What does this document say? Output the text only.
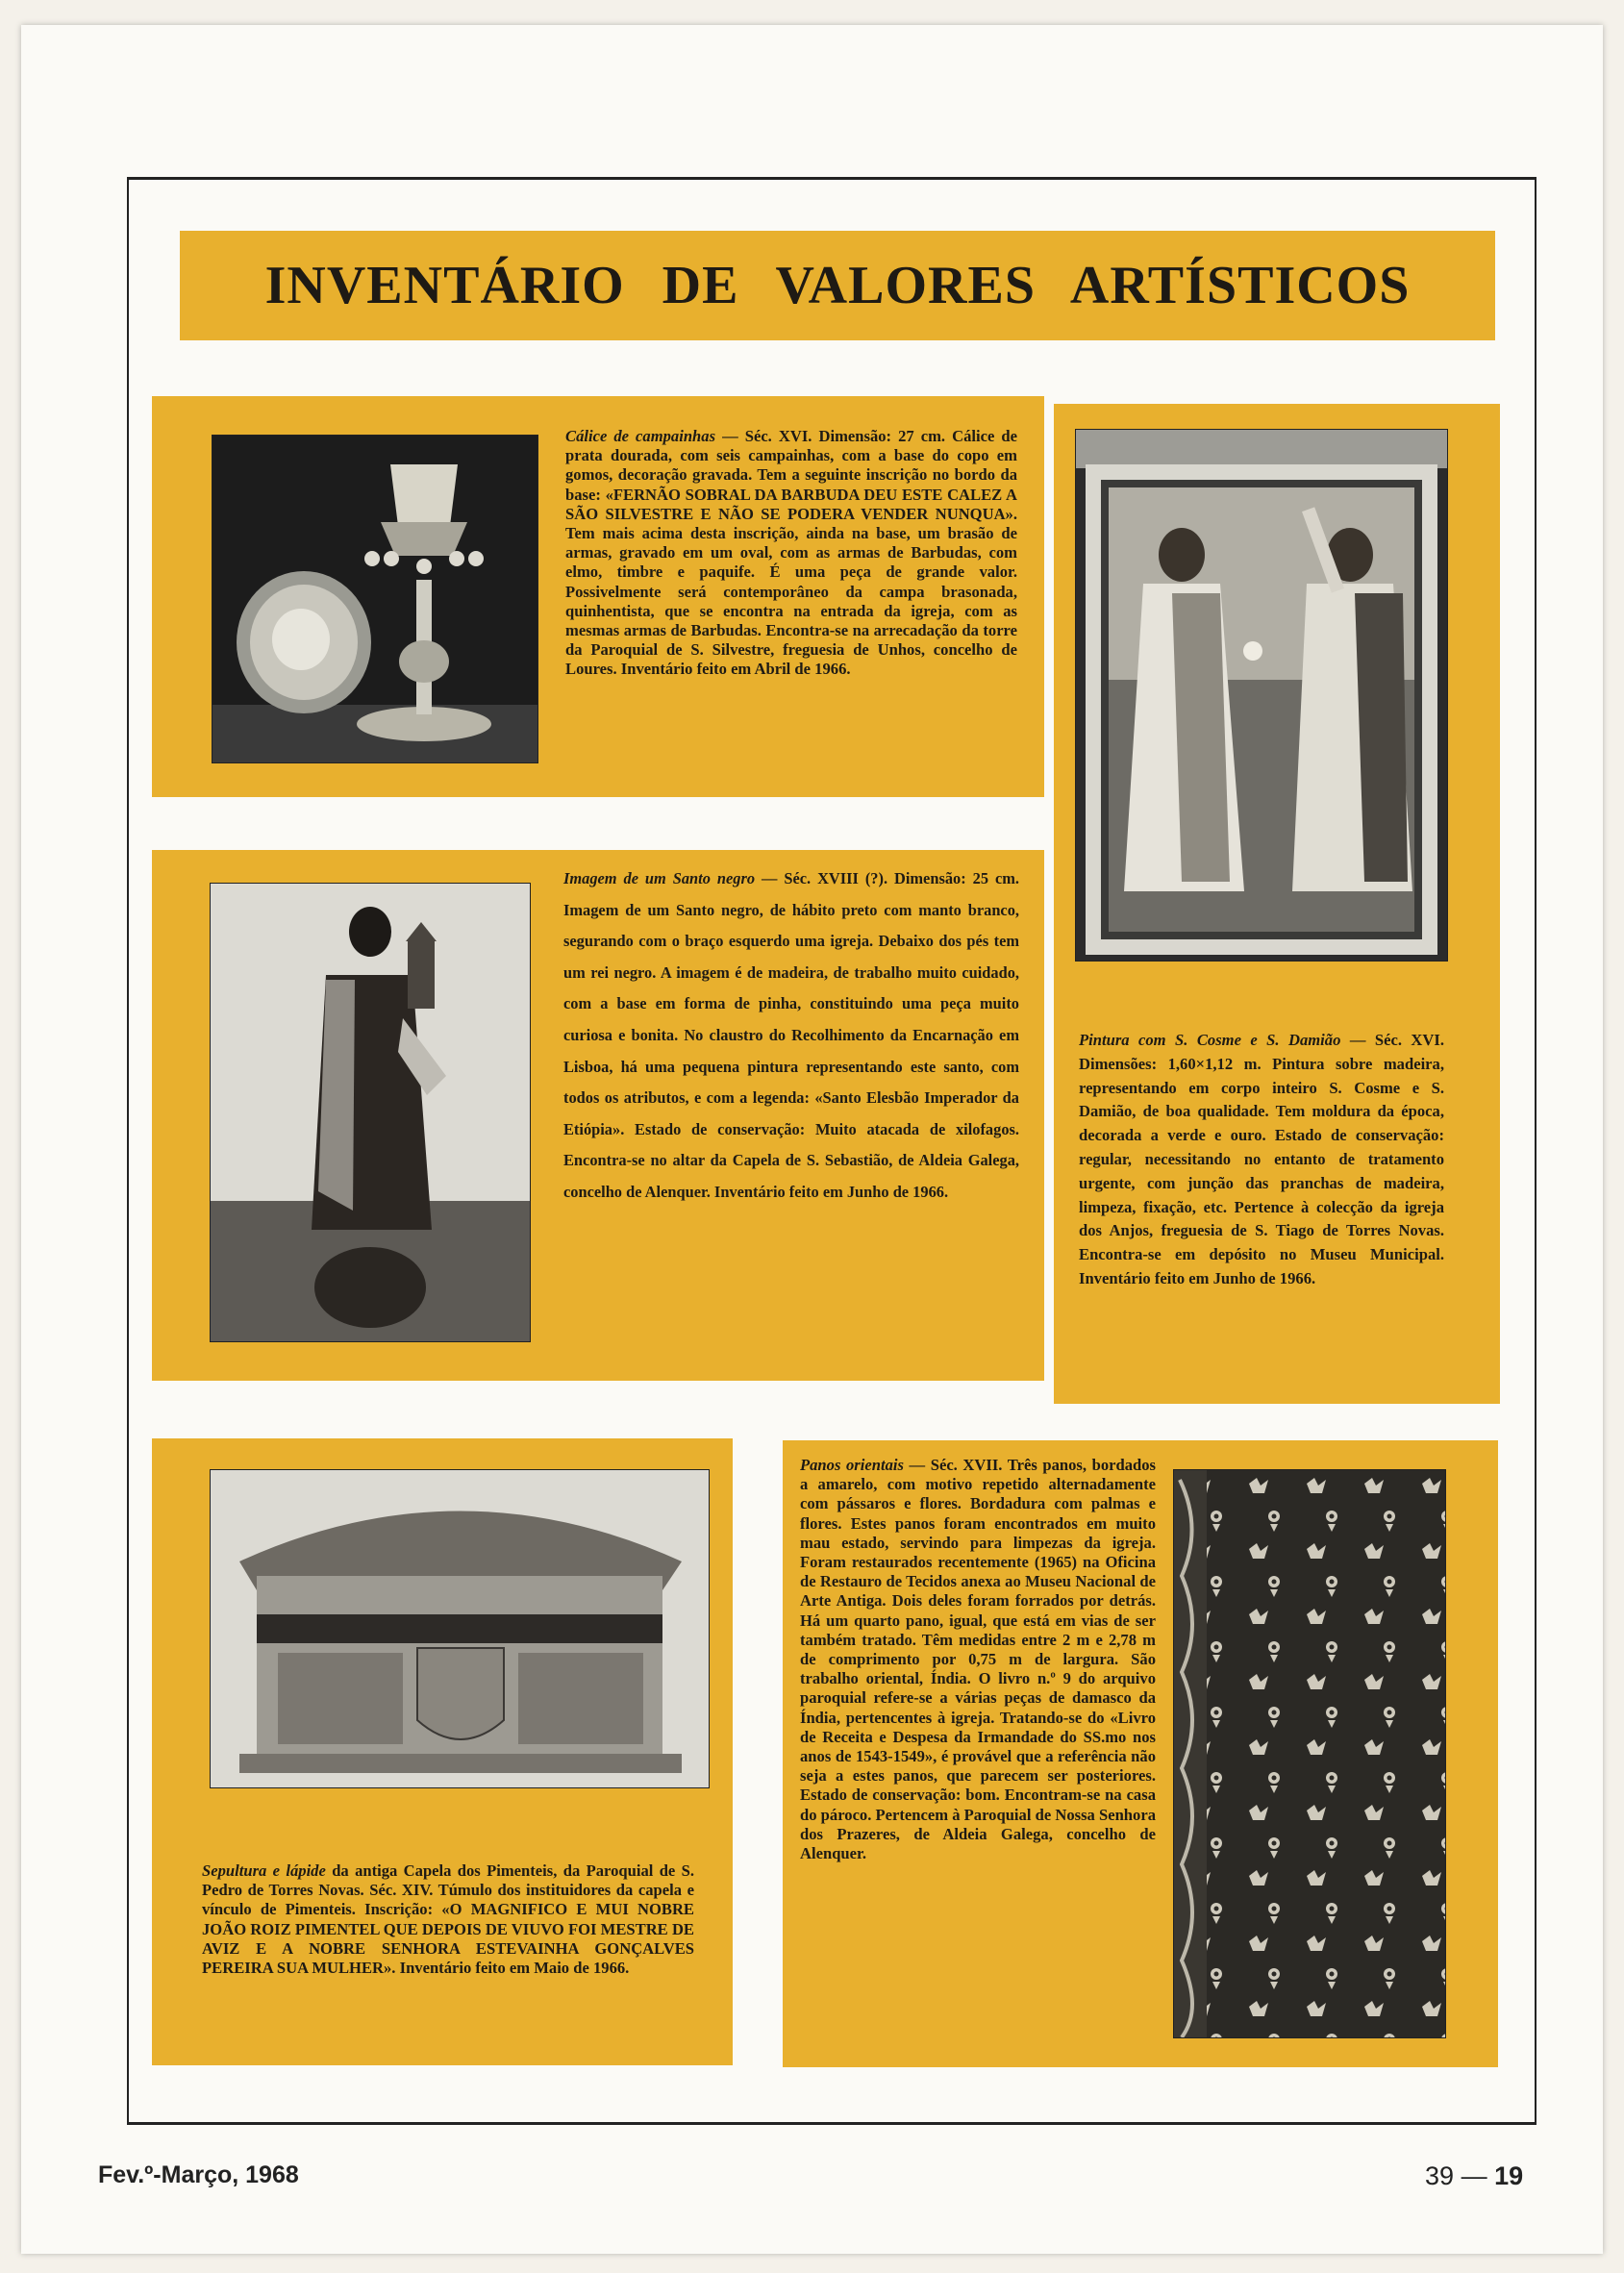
INVENTÁRIO DE VALORES ARTÍSTICOS

Cálice de campainhas — Séc. XVI. Dimensão: 27 cm. Cálice de prata dourada, com seis campainhas, com a base do copo em gomos, decoração gravada. Tem a seguinte inscrição no bordo da base: «FERNÃO SOBRAL DA BARBUDA DEU ESTE CALEZ A SÃO SILVESTRE E NÃO SE PODERA VENDER NUNQUA». Tem mais acima desta inscrição, ainda na base, um brasão de armas, gravado em um oval, com as armas de Barbudas, com elmo, timbre e paquife. É uma peça de grande valor. Possivelmente será contemporâneo da campa brasonada, quinhentista, que se encontra na entrada da igreja, com as mesmas armas de Barbudas. Encontra-se na arrecadação da torre da Paroquial de S. Silvestre, freguesia de Unhos, concelho de Loures. Inventário feito em Abril de 1966.

Pintura com S. Cosme e S. Damião — Séc. XVI. Dimensões: 1,60×1,12 m. Pintura sobre madeira, representando em corpo inteiro S. Cosme e S. Damião, de boa qualidade. Tem moldura da época, decorada a verde e ouro. Estado de conservação: regular, necessitando no entanto de tratamento urgente, com junção das pranchas de madeira, limpeza, fixação, etc. Pertence à colecção da igreja dos Anjos, freguesia de S. Tiago de Torres Novas. Encontra-se em depósito no Museu Municipal. Inventário feito em Junho de 1966.

Imagem de um Santo negro — Séc. XVIII (?). Dimensão: 25 cm. Imagem de um Santo negro, de hábito preto com manto branco, segurando com o braço esquerdo uma igreja. Debaixo dos pés tem um rei negro. A imagem é de madeira, de trabalho muito cuidado, com a base em forma de pinha, constituindo uma peça muito curiosa e bonita. No claustro do Recolhimento da Encarnação em Lisboa, há uma pequena pintura representando este santo, com todos os atributos, e com a legenda: «Santo Elesbão Imperador da Etiópia». Estado de conservação: Muito atacada de xilofagos. Encontra-se no altar da Capela de S. Sebastião, de Aldeia Galega, concelho de Alenquer. Inventário feito em Junho de 1966.

Sepultura e lápide da antiga Capela dos Pimenteis, da Paroquial de S. Pedro de Torres Novas. Séc. XIV. Túmulo dos instituidores da capela e vínculo de Pimenteis. Inscrição: «O MAGNIFICO E MUI NOBRE JOÃO ROIZ PIMENTEL QUE DEPOIS DE VIUVO FOI MESTRE DE AVIZ E A NOBRE SENHORA ESTEVAINHA GONÇALVES PEREIRA SUA MULHER». Inventário feito em Maio de 1966.

Panos orientais — Séc. XVII. Três panos, bordados a amarelo, com motivo repetido alternadamente com pássaros e flores. Bordadura com palmas e flores. Estes panos foram encontrados em muito mau estado, servindo para limpezas da igreja. Foram restaurados recentemente (1965) na Oficina de Restauro de Tecidos anexa ao Museu Nacional de Arte Antiga. Dois deles foram forrados por detrás. Há um quarto pano, igual, que está em vias de ser também tratado. Têm medidas entre 2 m e 2,78 m de comprimento por 0,75 m de largura. São trabalho oriental, Índia. O livro n.º 9 do arquivo paroquial refere-se a várias peças de damasco da Índia, pertencentes à igreja. Tratando-se do «Livro de Receita e Despesa da Irmandade do SS.mo nos anos de 1543-1549», é provável que a referência não seja a estes panos, que parecem ser posteriores. Estado de conservação: bom. Encontram-se na casa do pároco. Pertencem à Paroquial de Nossa Senhora dos Prazeres, de Aldeia Galega, concelho de Alenquer.

Fev.º-Março, 1968	39 — 19
